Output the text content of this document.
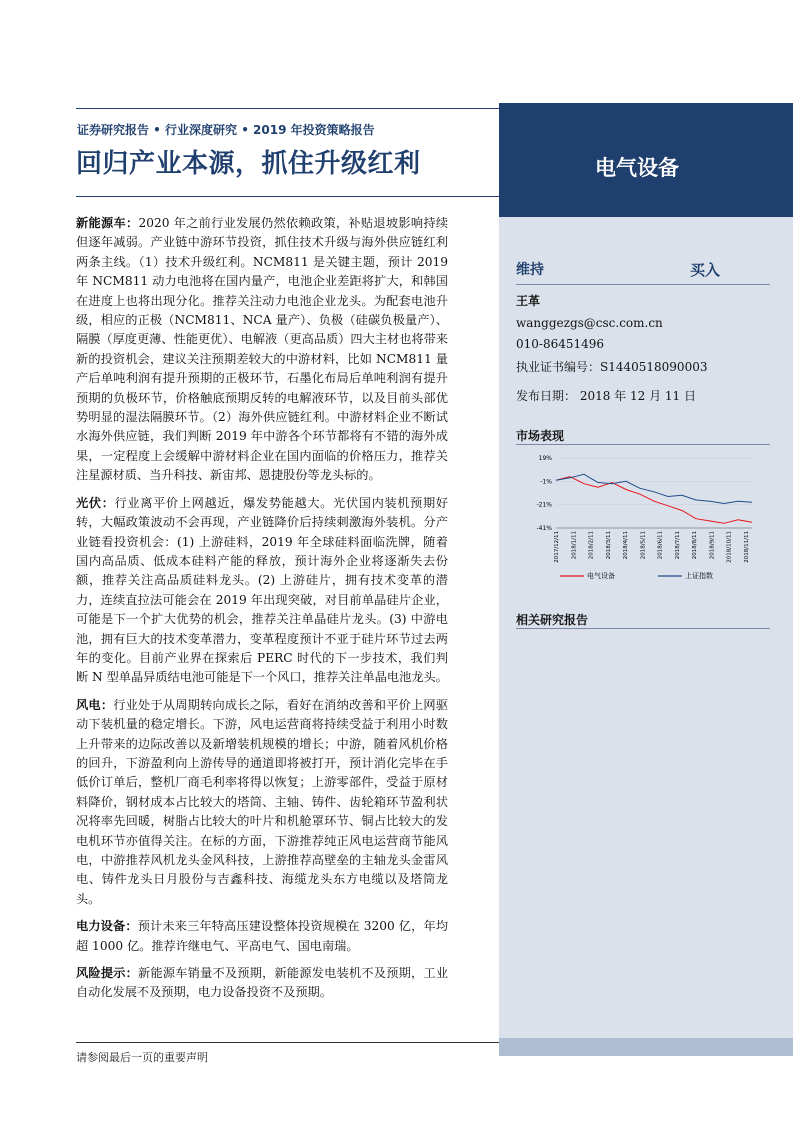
证券研究报告 • 行业深度研究 • 2019 年投资策略报告
回归产业本源，抓住升级红利	电气设备
维持	买入
王革
wanggezgs@csc.com.cn
010-86451496
执业证书编号：S1440518090003
发布日期： 2018 年 12 月 11 日
市场表现
19%
-1%
-21%
-41%
2017/12/11 2018/1/11 2018/2/11 2018/3/11 2018/4/11 2018/5/11 2018/6/11 2018/7/11 2018/8/11 2018/9/11 2018/10/11 2018/11/11
电气设备	上证指数
相关研究报告

新能源车：2020 年之前行业发展仍然依赖政策，补贴退坡影响持续但逐年减弱。产业链中游环节投资，抓住技术升级与海外供应链红利两条主线。（1）技术升级红利。NCM811 是关键主题，预计 2019 年 NCM811 动力电池将在国内量产，电池企业差距将扩大，和韩国在进度上也将出现分化。推荐关注动力电池企业龙头。为配套电池升级，相应的正极（NCM811、NCA 量产）、负极（硅碳负极量产）、隔膜（厚度更薄、性能更优）、电解液（更高品质）四大主材也将带来新的投资机会，建议关注预期差较大的中游材料，比如 NCM811 量产后单吨利润有提升预期的正极环节，石墨化布局后单吨利润有提升预期的负极环节，价格触底预期反转的电解液环节，以及目前头部优势明显的湿法隔膜环节。（2）海外供应链红利。中游材料企业不断试水海外供应链，我们判断 2019 年中游各个环节都将有不错的海外成果，一定程度上会缓解中游材料企业在国内面临的价格压力，推荐关注星源材质、当升科技、新宙邦、恩捷股份等龙头标的。

光伏：行业离平价上网越近，爆发势能越大。光伏国内装机预期好转，大幅政策波动不会再现，产业链降价后持续刺激海外装机。分产业链看投资机会：(1) 上游硅料，2019 年全球硅料面临洗牌，随着国内高品质、低成本硅料产能的释放，预计海外企业将逐渐失去份额，推荐关注高品质硅料龙头。(2) 上游硅片，拥有技术变革的潜力，连续直拉法可能会在 2019 年出现突破，对目前单晶硅片企业，可能是下一个扩大优势的机会，推荐关注单晶硅片龙头。(3) 中游电池，拥有巨大的技术变革潜力，变革程度预计不亚于硅片环节过去两年的变化。目前产业界在探索后 PERC 时代的下一步技术，我们判断 N 型单晶异质结电池可能是下一个风口，推荐关注单晶电池龙头。

风电：行业处于从周期转向成长之际，看好在消纳改善和平价上网驱动下装机量的稳定增长。下游，风电运营商将持续受益于利用小时数上升带来的边际改善以及新增装机规模的增长；中游，随着风机价格的回升，下游盈利向上游传导的通道即将被打开，预计消化完毕在手低价订单后，整机厂商毛利率将得以恢复；上游零部件，受益于原材料降价，钢材成本占比较大的塔筒、主轴、铸件、齿轮箱环节盈利状况将率先回暖，树脂占比较大的叶片和机舱罩环节、铜占比较大的发电机环节亦值得关注。在标的方面，下游推荐纯正风电运营商节能风电，中游推荐风机龙头金风科技，上游推荐高壁垒的主轴龙头金雷风电、铸件龙头日月股份与吉鑫科技、海缆龙头东方电缆以及塔筒龙头。

电力设备：预计未来三年特高压建设整体投资规模在 3200 亿，年均超 1000 亿。推荐许继电气、平高电气、国电南瑞。

风险提示：新能源车销量不及预期，新能源发电装机不及预期，工业自动化发展不及预期，电力设备投资不及预期。

请参阅最后一页的重要声明
